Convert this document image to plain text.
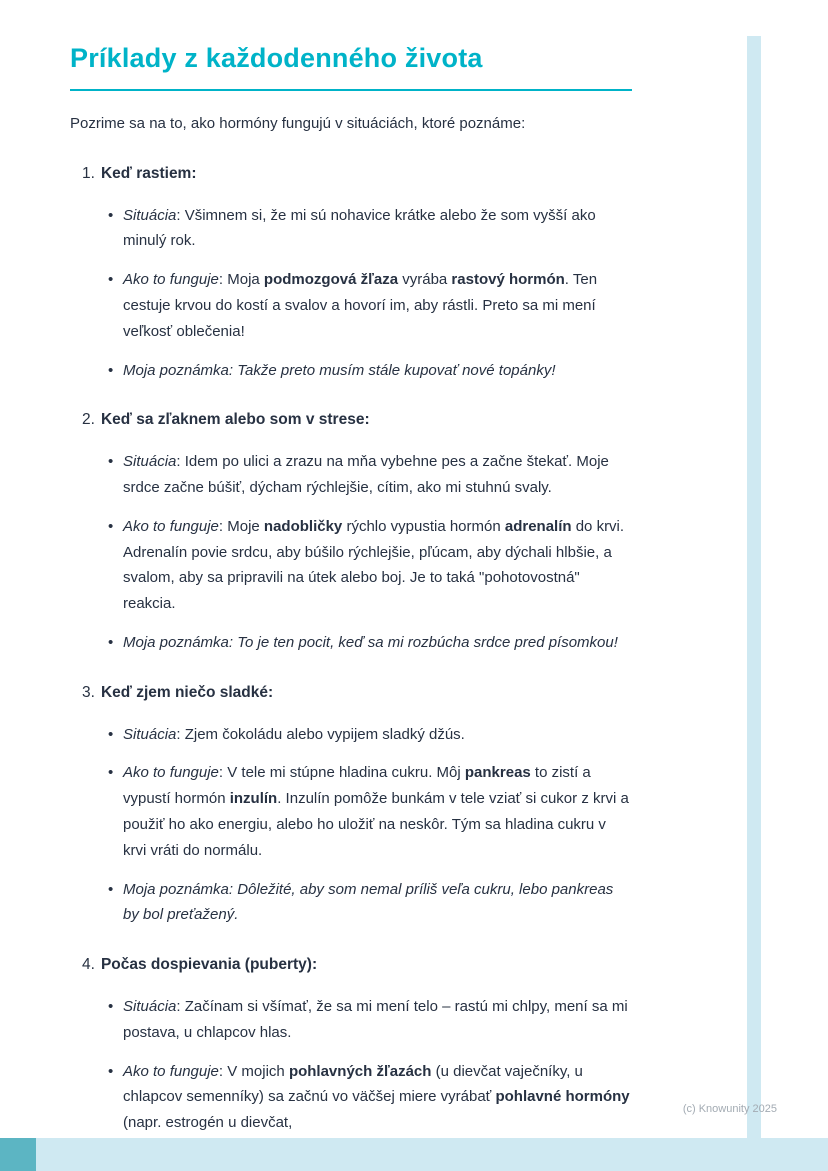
Príklady z každodenného života
Pozrime sa na to, ako hormóny fungujú v situáciách, ktoré poznáme:
1. Keď rastiem:
• Situácia: Všimnem si, že mi sú nohavice krátke alebo že som vyšší ako minulý rok.
• Ako to funguje: Moja podmozgová žľaza vyrába rastový hormón. Ten cestuje krvou do kostí a svalov a hovorí im, aby rástli. Preto sa mi mení veľkosť oblečenia!
• Moja poznámka: Takže preto musím stále kupovať nové topánky!
2. Keď sa zľaknem alebo som v strese:
• Situácia: Idem po ulici a zrazu na mňa vybehne pes a začne štekať. Moje srdce začne búšiť, dýcham rýchlejšie, cítim, ako mi stuhnú svaly.
• Ako to funguje: Moje nadobličky rýchlo vypustia hormón adrenalín do krvi. Adrenalín povie srdcu, aby búšilo rýchlejšie, pľúcam, aby dýchali hlbšie, a svalom, aby sa pripravili na útek alebo boj. Je to taká "pohotovostná" reakcia.
• Moja poznámka: To je ten pocit, keď sa mi rozbúcha srdce pred písomkou!
3. Keď zjem niečo sladké:
• Situácia: Zjem čokoládu alebo vypijem sladký džús.
• Ako to funguje: V tele mi stúpne hladina cukru. Môj pankreas to zistí a vypustí hormón inzulín. Inzulín pomôže bunkám v tele vziať si cukor z krvi a použiť ho ako energiu, alebo ho uložiť na neskôr. Tým sa hladina cukru v krvi vráti do normálu.
• Moja poznámka: Dôležité, aby som nemal príliš veľa cukru, lebo pankreas by bol preťažený.
4. Počas dospievania (puberty):
• Situácia: Začínam si všímať, že sa mi mení telo – rastú mi chlpy, mení sa mi postava, u chlapcov hlas.
• Ako to funguje: V mojich pohlavných žľazách (u dievčat vaječníky, u chlapcov semenníky) sa začnú vo väčšej miere vyrábať pohlavné hormóny (napr. estrogén u dievčat,
(c) Knowunity 2025
